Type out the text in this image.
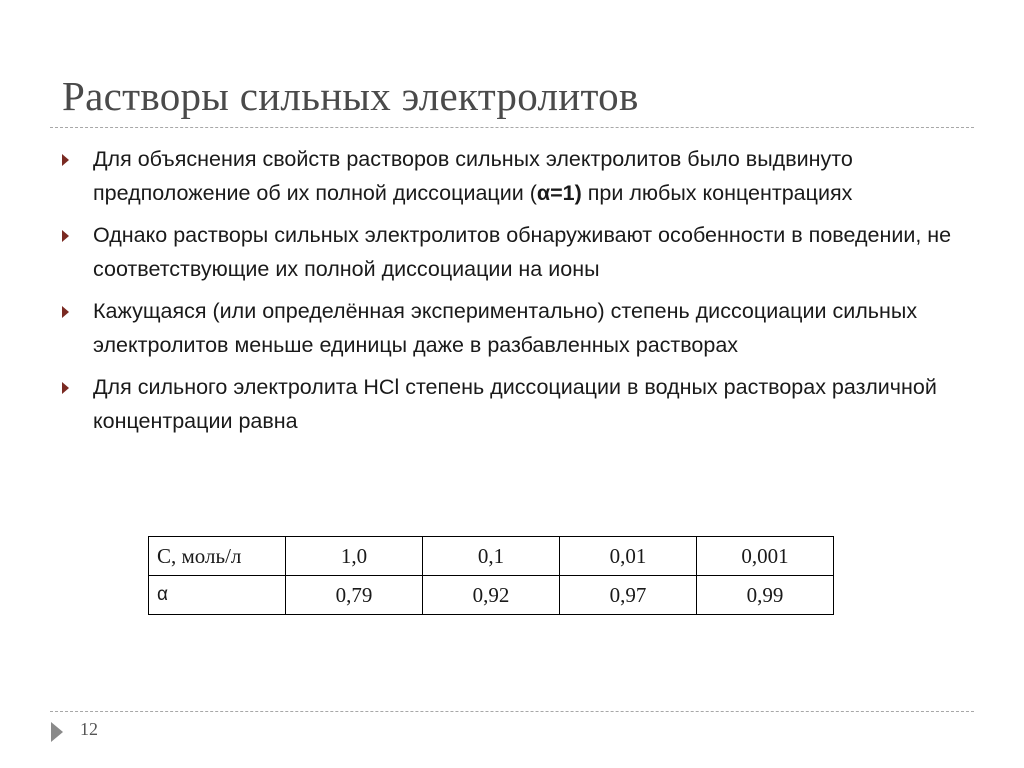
Растворы сильных электролитов
Для объяснения свойств растворов сильных электролитов было выдвинуто предположение об их полной диссоциации (α=1) при любых концентрациях
Однако растворы сильных электролитов обнаруживают особенности в поведении, не соответствующие их полной диссоциации на ионы
Кажущаяся (или определённая экспериментально) степень диссоциации сильных электролитов меньше единицы даже в разбавленных растворах
Для сильного электролита HCl степень диссоциации в водных растворах различной концентрации равна
С, моль/л	1,0	0,1	0,01	0,001
α	0,79	0,92	0,97	0,99
12
